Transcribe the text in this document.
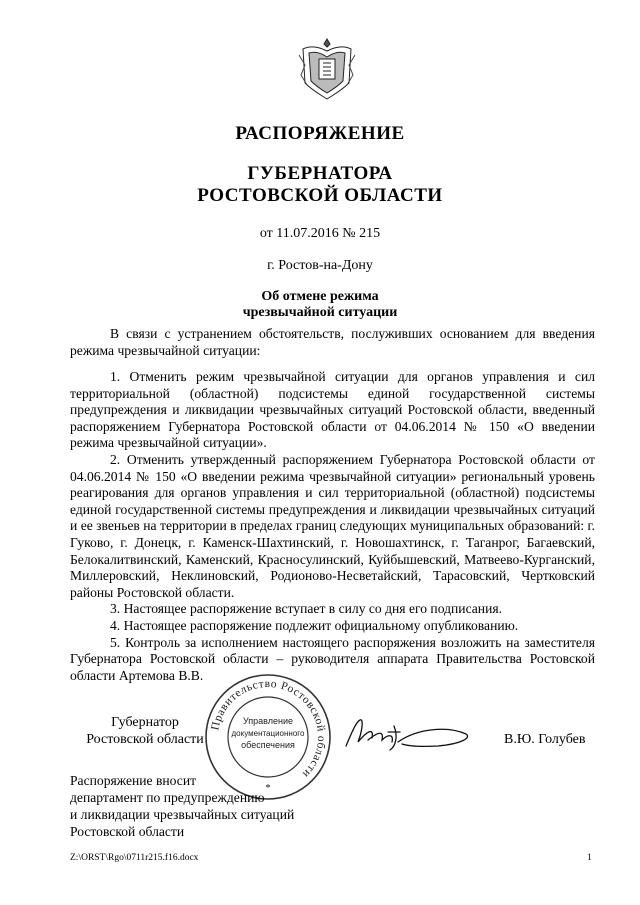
РАСПОРЯЖЕНИЕ
ГУБЕРНАТОРА
РОСТОВСКОЙ ОБЛАСТИ
от 11.07.2016 № 215
г. Ростов-на-Дону
Об отмене режима
чрезвычайной ситуации

В связи с устранением обстоятельств, послуживших основанием для введения режима чрезвычайной ситуации:

1. Отменить режим чрезвычайной ситуации для органов управления и сил территориальной (областной) подсистемы единой государственной системы предупреждения и ликвидации чрезвычайных ситуаций Ростовской области, введенный распоряжением Губернатора Ростовской области от 04.06.2014 № 150 «О введении режима чрезвычайной ситуации».

2. Отменить утвержденный распоряжением Губернатора Ростовской области от 04.06.2014 № 150 «О введении режима чрезвычайной ситуации» региональный уровень реагирования для органов управления и сил территориальной (областной) подсистемы единой государственной системы предупреждения и ликвидации чрезвычайных ситуаций и ее звеньев на территории в пределах границ следующих муниципальных образований: г. Гуково, г. Донецк, г. Каменск-Шахтинский, г. Новошахтинск, г. Таганрог, Багаевский, Белокалитвинский, Каменский, Красносулинский, Куйбышевский, Матвеево-Курганский, Миллеровский, Неклиновский, Родионово-Несветайский, Тарасовский, Чертковский районы Ростовской области.

3. Настоящее распоряжение вступает в силу со дня его подписания.

4. Настоящее распоряжение подлежит официальному опубликованию.

5. Контроль за исполнением настоящего распоряжения возложить на заместителя Губернатора Ростовской области – руководителя аппарата Правительства Ростовской области Артемова В.В.

Губернатор
Ростовской области
Правительство Ростовской области
Управление
документационного
обеспечения
*
В.Ю. Голубев
Распоряжение вносит
департамент по предупреждению
и ликвидации чрезвычайных ситуаций
Ростовской области
Z:\ORST\Rgo\0711r215.f16.docx	1
